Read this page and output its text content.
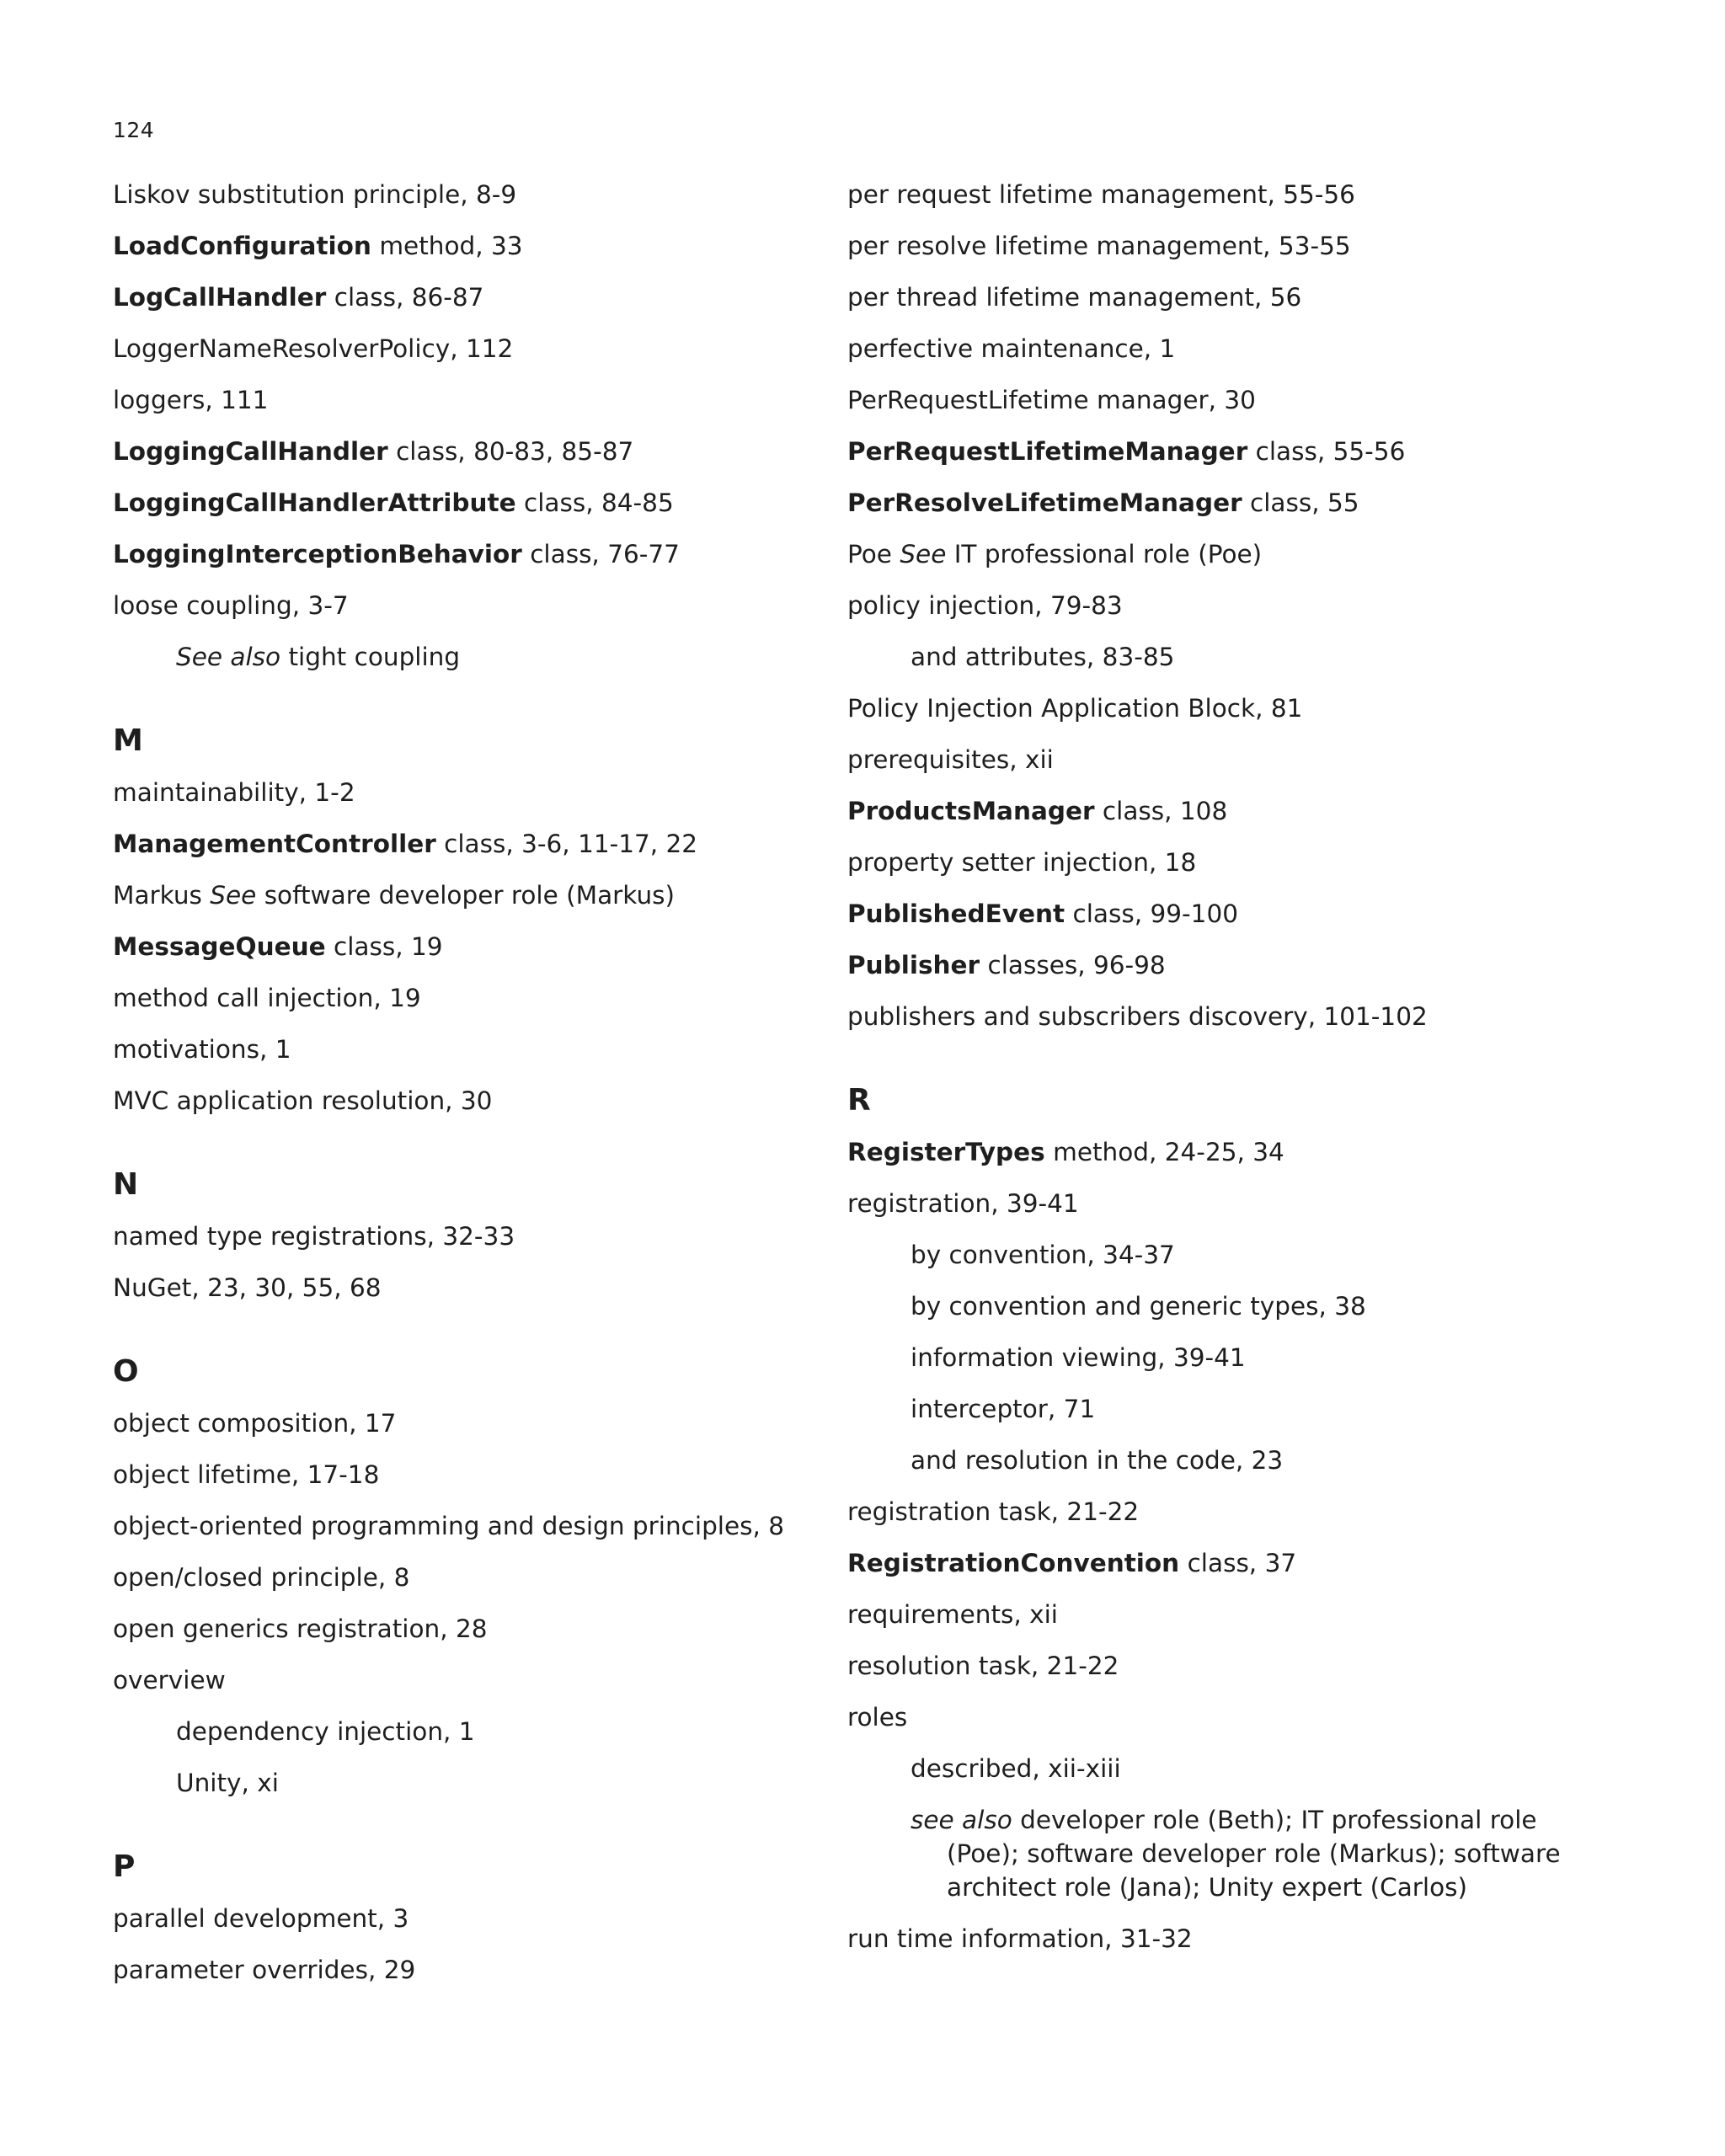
124
Liskov substitution principle, 8-9
LoadConfiguration method, 33
LogCallHandler class, 86-87
LoggerNameResolverPolicy, 112
loggers, 111
LoggingCallHandler class, 80-83, 85-87
LoggingCallHandlerAttribute class, 84-85
LoggingInterceptionBehavior class, 76-77
loose coupling, 3-7
See also tight coupling
M
maintainability, 1-2
ManagementController class, 3-6, 11-17, 22
Markus See software developer role (Markus)
MessageQueue class, 19
method call injection, 19
motivations, 1
MVC application resolution, 30
N
named type registrations, 32-33
NuGet, 23, 30, 55, 68
O
object composition, 17
object lifetime, 17-18
object-oriented programming and design principles, 8
open/closed principle, 8
open generics registration, 28
overview
dependency injection, 1
Unity, xi
P
parallel development, 3
parameter overrides, 29
per request lifetime management, 55-56
per resolve lifetime management, 53-55
per thread lifetime management, 56
perfective maintenance, 1
PerRequestLifetime manager, 30
PerRequestLifetimeManager class, 55-56
PerResolveLifetimeManager class, 55
Poe See IT professional role (Poe)
policy injection, 79-83
and attributes, 83-85
Policy Injection Application Block, 81
prerequisites, xii
ProductsManager class, 108
property setter injection, 18
PublishedEvent class, 99-100
Publisher classes, 96-98
publishers and subscribers discovery, 101-102
R
RegisterTypes method, 24-25, 34
registration, 39-41
by convention, 34-37
by convention and generic types, 38
information viewing, 39-41
interceptor, 71
and resolution in the code, 23
registration task, 21-22
RegistrationConvention class, 37
requirements, xii
resolution task, 21-22
roles
described, xii-xiii
see also developer role (Beth); IT professional role (Poe); software developer role (Markus); software architect role (Jana); Unity expert (Carlos)
run time information, 31-32
